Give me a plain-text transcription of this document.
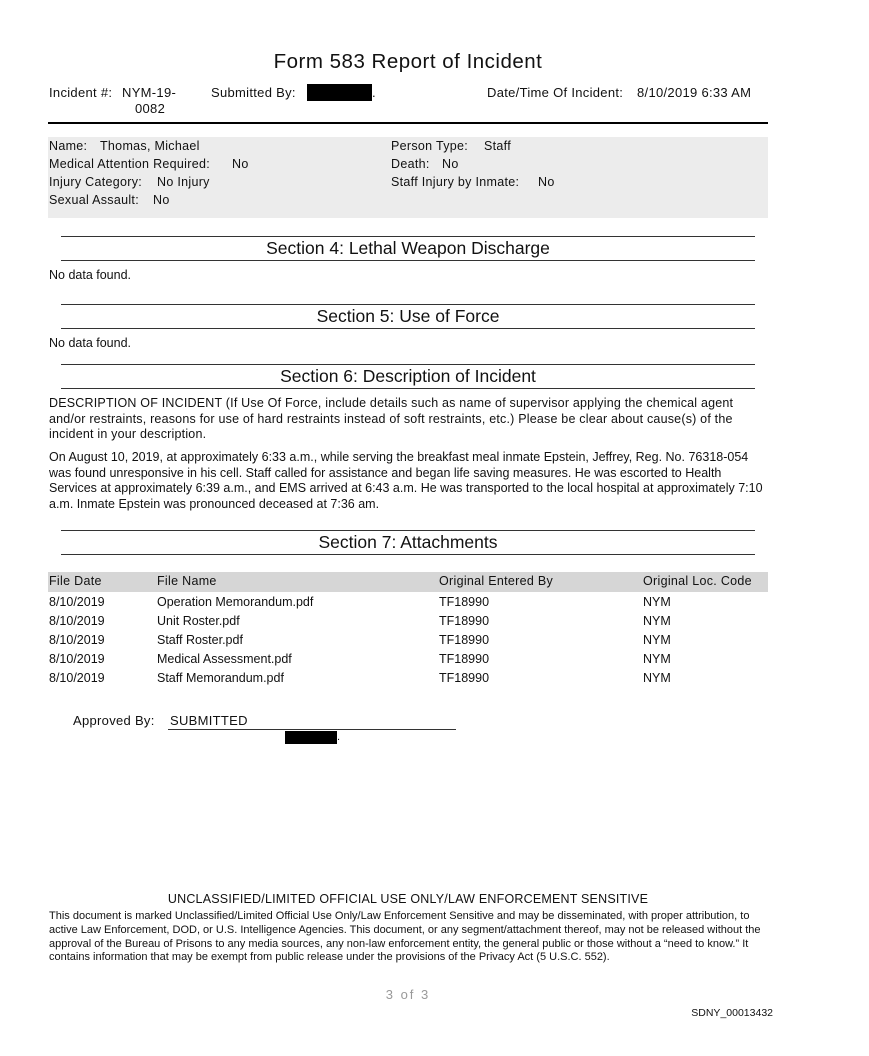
Form 583 Report of Incident
Incident #: NYM-19-
0082
Submitted By:	.	Date/Time Of Incident: 8/10/2019 6:33 AM
Name: Thomas, Michael
Medical Attention Required: No
Injury Category: No Injury
Sexual Assault: No
Person Type: Staff
Death: No
Staff Injury by Inmate: No
Section 4: Lethal Weapon Discharge
No data found.
Section 5: Use of Force
No data found.
Section 6: Description of Incident
DESCRIPTION OF INCIDENT (If Use Of Force, include details such as name of supervisor applying the chemical agent and/or restraints, reasons for use of hard restraints instead of soft restraints, etc.) Please be clear about cause(s) of the incident in your description.
On August 10, 2019, at approximately 6:33 a.m., while serving the breakfast meal inmate Epstein, Jeffrey, Reg. No. 76318-054 was found unresponsive in his cell. Staff called for assistance and began life saving measures. He was escorted to Health Services at approximately 6:39 a.m., and EMS arrived at 6:43 a.m. He was transported to the local hospital at approximately 7:10 a.m. Inmate Epstein was pronounced deceased at 7:36 am.
Section 7: Attachments
File Date	File Name	Original Entered By	Original Loc. Code
8/10/2019	Operation Memorandum.pdf	TF18990	NYM
8/10/2019	Unit Roster.pdf	TF18990	NYM
8/10/2019	Staff Roster.pdf	TF18990	NYM
8/10/2019	Medical Assessment.pdf	TF18990	NYM
8/10/2019	Staff Memorandum.pdf	TF18990	NYM
Approved By: SUBMITTED
.
UNCLASSIFIED/LIMITED OFFICIAL USE ONLY/LAW ENFORCEMENT SENSITIVE
This document is marked Unclassified/Limited Official Use Only/Law Enforcement Sensitive and may be disseminated, with proper attribution, to active Law Enforcement, DOD, or U.S. Intelligence Agencies. This document, or any segment/attachment thereof, may not be released without the approval of the Bureau of Prisons to any media sources, any non-law enforcement entity, the general public or those without a “need to know.” It contains information that may be exempt from public release under the provisions of the Privacy Act (5 U.S.C. 552).
3 of 3
SDNY_00013432
